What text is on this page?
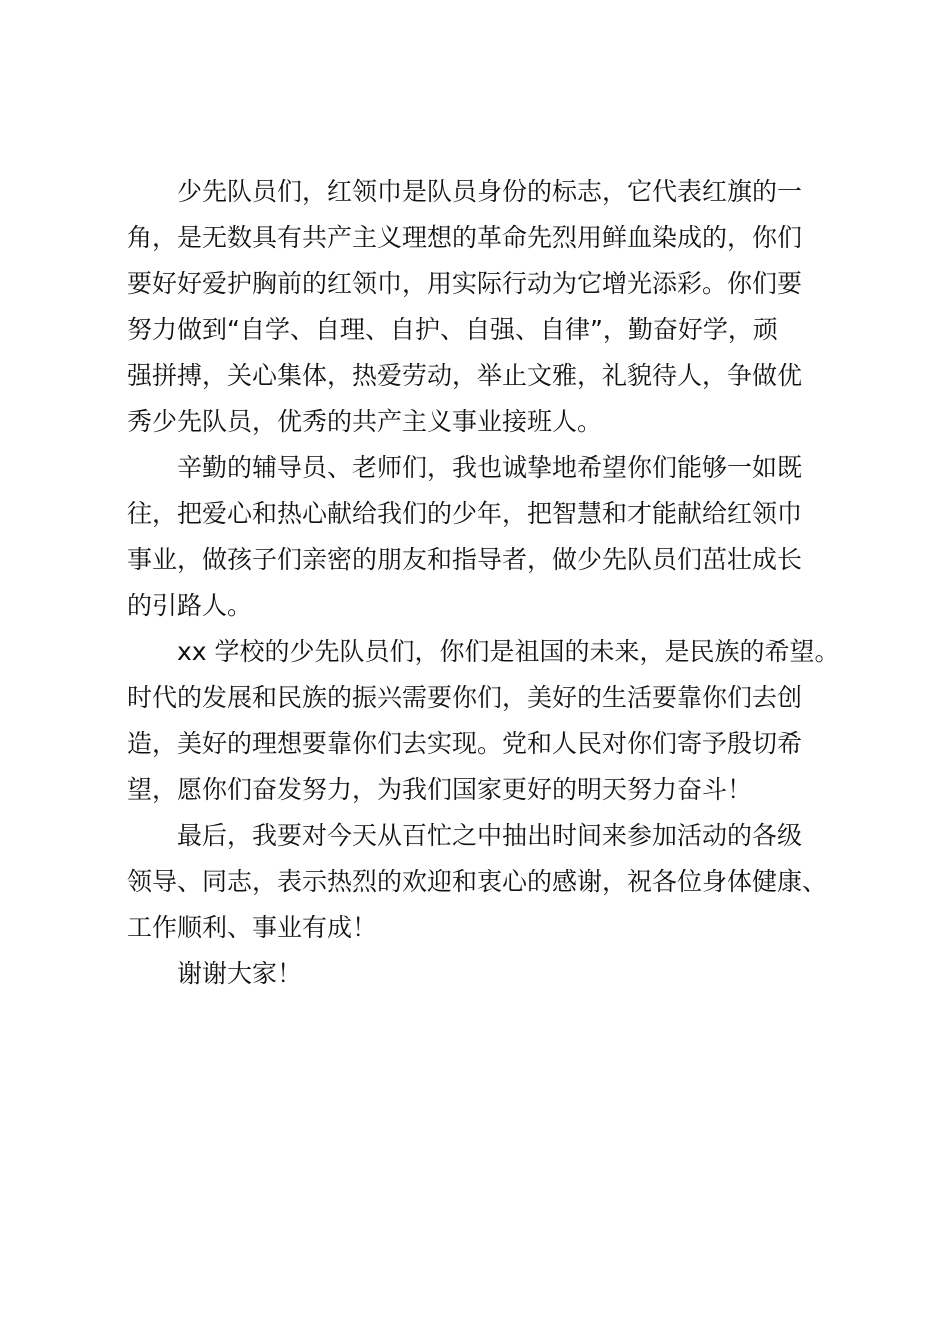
少先队员们，红领巾是队员身份的标志，它代表红旗的一
角，是无数具有共产主义理想的革命先烈用鲜血染成的，你们
要好好爱护胸前的红领巾，用实际行动为它增光添彩。你们要
努力做到“自学、自理、自护、自强、自律”，勤奋好学，顽
强拼搏，关心集体，热爱劳动，举止文雅，礼貌待人，争做优
秀少先队员，优秀的共产主义事业接班人。
辛勤的辅导员、老师们，我也诚挚地希望你们能够一如既
往，把爱心和热心献给我们的少年，把智慧和才能献给红领巾
事业，做孩子们亲密的朋友和指导者，做少先队员们茁壮成长
的引路人。
xx 学校的少先队员们，你们是祖国的未来，是民族的希望。
时代的发展和民族的振兴需要你们，美好的生活要靠你们去创
造，美好的理想要靠你们去实现。党和人民对你们寄予殷切希
望，愿你们奋发努力，为我们国家更好的明天努力奋斗！
最后，我要对今天从百忙之中抽出时间来参加活动的各级
领导、同志，表示热烈的欢迎和衷心的感谢，祝各位身体健康、
工作顺利、事业有成！
谢谢大家！
